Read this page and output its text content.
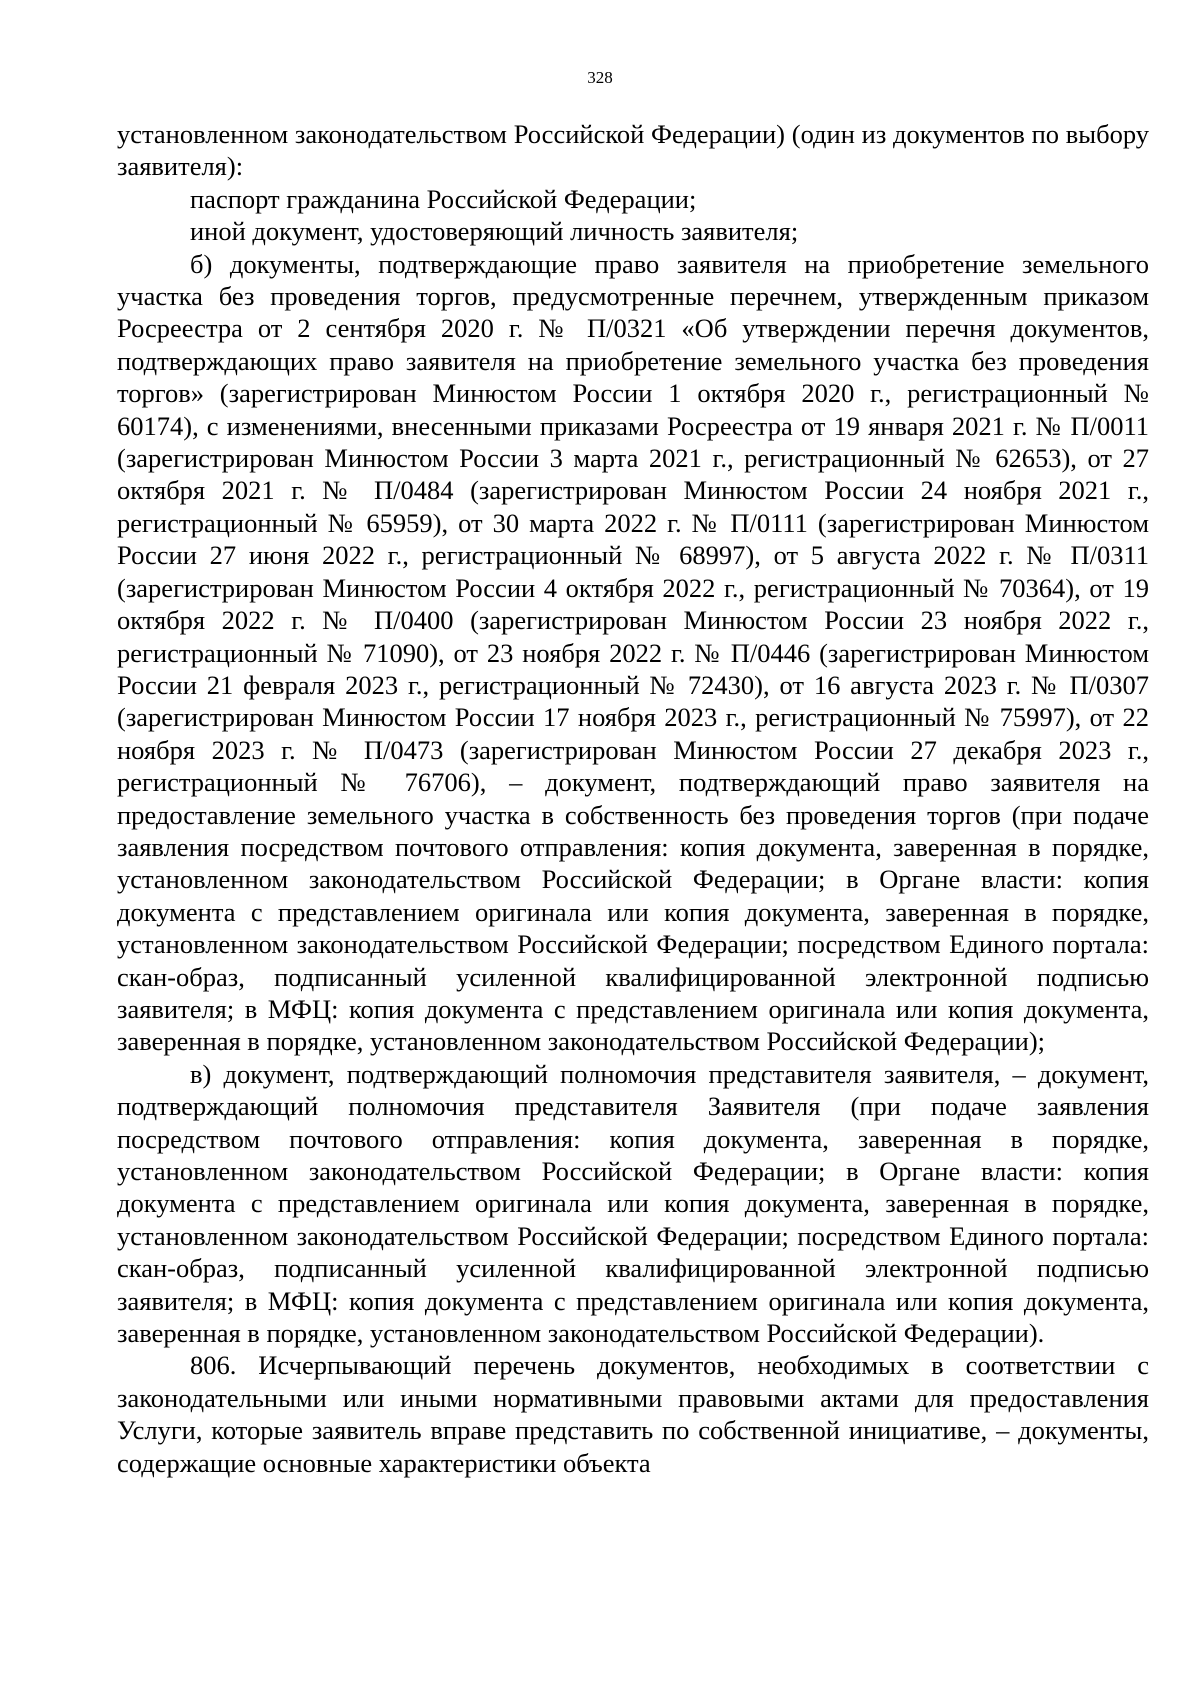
328

установленном законодательством Российской Федерации) (один из документов по выбору заявителя):

паспорт гражданина Российской Федерации;

иной документ, удостоверяющий личность заявителя;

б) документы, подтверждающие право заявителя на приобретение земельного участка без проведения торгов, предусмотренные перечнем, утвержденным приказом Росреестра от 2 сентября 2020 г. № П/0321 «Об утверждении перечня документов, подтверждающих право заявителя на приобретение земельного участка без проведения торгов» (зарегистрирован Минюстом России 1 октября 2020 г., регистрационный № 60174), с изменениями, внесенными приказами Росреестра от 19 января 2021 г. № П/0011 (зарегистрирован Минюстом России 3 марта 2021 г., регистрационный № 62653), от 27 октября 2021 г. № П/0484 (зарегистрирован Минюстом России 24 ноября 2021 г., регистрационный № 65959), от 30 марта 2022 г. № П/0111 (зарегистрирован Минюстом России 27 июня 2022 г., регистрационный № 68997), от 5 августа 2022 г. № П/0311 (зарегистрирован Минюстом России 4 октября 2022 г., регистрационный № 70364), от 19 октября 2022 г. № П/0400 (зарегистрирован Минюстом России 23 ноября 2022 г., регистрационный № 71090), от 23 ноября 2022 г. № П/0446 (зарегистрирован Минюстом России 21 февраля 2023 г., регистрационный № 72430), от 16 августа 2023 г. № П/0307 (зарегистрирован Минюстом России 17 ноября 2023 г., регистрационный № 75997), от 22 ноября 2023 г. № П/0473 (зарегистрирован Минюстом России 27 декабря 2023 г., регистрационный № 76706), – документ, подтверждающий право заявителя на предоставление земельного участка в собственность без проведения торгов (при подаче заявления посредством почтового отправления: копия документа, заверенная в порядке, установленном законодательством Российской Федерации; в Органе власти: копия документа с представлением оригинала или копия документа, заверенная в порядке, установленном законодательством Российской Федерации; посредством Единого портала: скан-образ, подписанный усиленной квалифицированной электронной подписью заявителя; в МФЦ: копия документа с представлением оригинала или копия документа, заверенная в порядке, установленном законодательством Российской Федерации);

в) документ, подтверждающий полномочия представителя заявителя, – документ, подтверждающий полномочия представителя Заявителя (при подаче заявления посредством почтового отправления: копия документа, заверенная в порядке, установленном законодательством Российской Федерации; в Органе власти: копия документа с представлением оригинала или копия документа, заверенная в порядке, установленном законодательством Российской Федерации; посредством Единого портала: скан-образ, подписанный усиленной квалифицированной электронной подписью заявителя; в МФЦ: копия документа с представлением оригинала или копия документа, заверенная в порядке, установленном законодательством Российской Федерации).

806. Исчерпывающий перечень документов, необходимых в соответствии с законодательными или иными нормативными правовыми актами для предоставления Услуги, которые заявитель вправе представить по собственной инициативе, – документы, содержащие основные характеристики объекта
